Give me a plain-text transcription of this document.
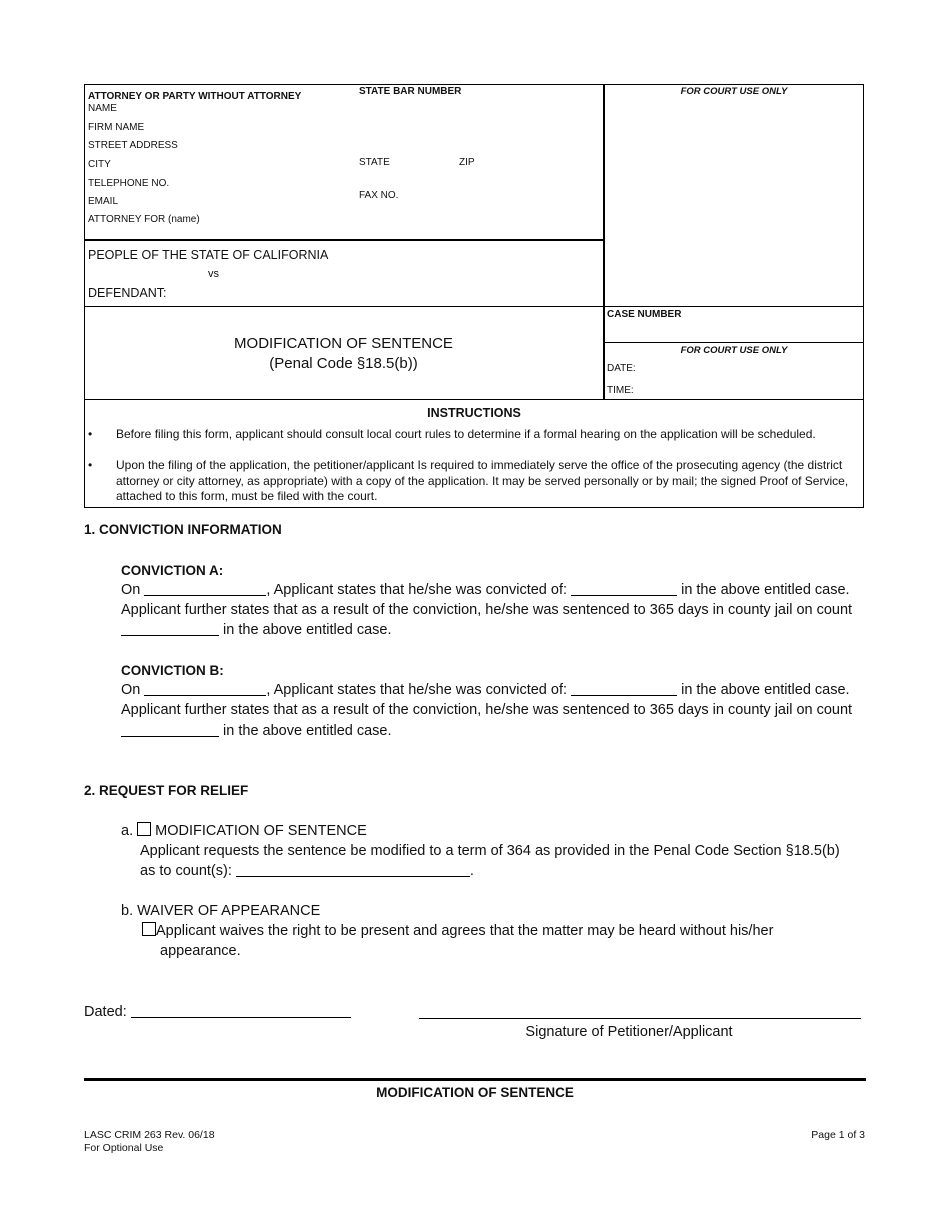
ATTORNEY OR PARTY WITHOUT ATTORNEY	STATE BAR NUMBER	FOR COURT USE ONLY
NAME
FIRM NAME
STREET ADDRESS
CITY	STATE	ZIP
TELEPHONE NO.
FAX NO.
EMAIL
ATTORNEY FOR (name)
PEOPLE OF THE STATE OF CALIFORNIA
vs
DEFENDANT:
MODIFICATION OF SENTENCE
(Penal Code §18.5(b))
CASE NUMBER
FOR COURT USE ONLY
DATE:
TIME:
INSTRUCTIONS
• Before filing this form, applicant should consult local court rules to determine if a formal hearing on the application will be scheduled.
• Upon the filing of the application, the petitioner/applicant Is required to immediately serve the office of the prosecuting agency (the district attorney or city attorney, as appropriate) with a copy of the application. It may be served personally or by mail; the signed Proof of Service, attached to this form, must be filed with the court.
1. CONVICTION INFORMATION
CONVICTION A:
On	, Applicant states that he/she was convicted of:	in the above entitled case.
Applicant further states that as a result of the conviction, he/she was sentenced to 365 days in county jail on count
in the above entitled case.
CONVICTION B:
On	, Applicant states that he/she was convicted of:	in the above entitled case.
Applicant further states that as a result of the conviction, he/she was sentenced to 365 days in county jail on count
in the above entitled case.
2. REQUEST FOR RELIEF
a. MODIFICATION OF SENTENCE
Applicant requests the sentence be modified to a term of 364 as provided in the Penal Code Section §18.5(b)
as to count(s):	.
b. WAIVER OF APPEARANCE
Applicant waives the right to be present and agrees that the matter may be heard without his/her
appearance.
Dated:
Signature of Petitioner/Applicant
MODIFICATION OF SENTENCE
LASC CRIM 263 Rev. 06/18
For Optional Use
Page 1 of 3
